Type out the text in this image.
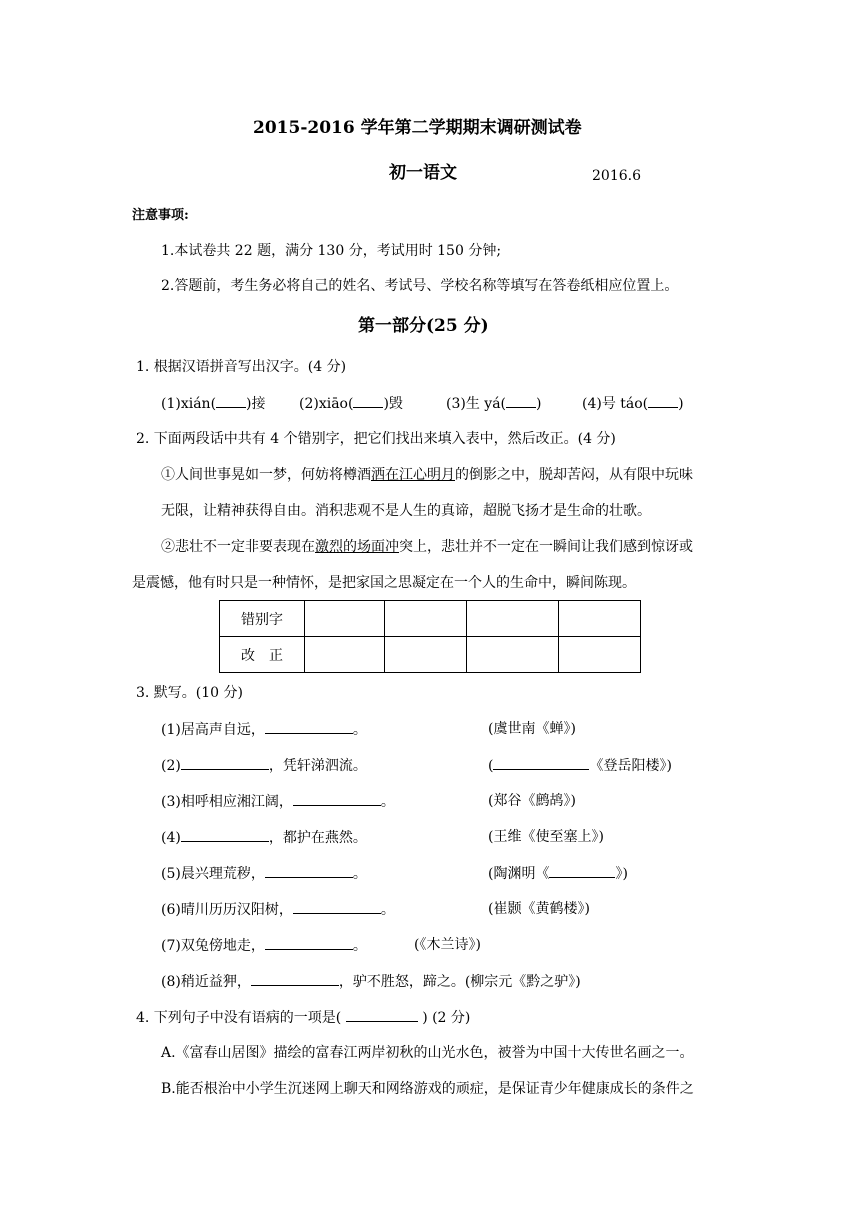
2015-2016 学年第二学期期末调研测试卷
初一语文	2016.6
注意事项:
1.本试卷共 22 题，满分 130 分，考试用时 150 分钟;
2.答题前，考生务必将自己的姓名、考试号、学校名称等填写在答卷纸相应位置上。
第一部分(25 分)
1. 根据汉语拼音写出汉字。(4 分)
(1)xián( )接 (2)xiāo( )毁	(3)生 yá( )	(4)号 táo( )
2. 下面两段话中共有 4 个错别字，把它们找出来填入表中，然后改正。(4 分)
①人间世事晃如一梦，何妨将樽酒洒在江心明月的倒影之中，脱却苦闷，从有限中玩味
无限，让精神获得自由。消积悲观不是人生的真谛，超脱飞扬才是生命的壮歌。
②悲壮不一定非要表现在激烈的场面冲突上，悲壮并不一定在一瞬间让我们感到惊讶或
是震憾，他有时只是一种情怀，是把家国之思凝定在一个人的生命中，瞬间陈现。
错别字				
改　正				
3. 默写。(10 分)
(1)居高声自远，	。	(虞世南《蝉》)
(2)	，凭轩涕泗流。	(	《登岳阳楼》)
(3)相呼相应湘江阔，	。	(郑谷《鹧鸪》)
(4)	，都护在燕然。	(王维《使至塞上》)
(5)晨兴理荒秽，	。	(陶渊明《	》)
(6)晴川历历汉阳树，	。	(崔颢《黄鹤楼》)
(7)双兔傍地走，	。	(《木兰诗》)
(8)稍近益狎，	，驴不胜怒，蹄之。(柳宗元《黔之驴》)
4. 下列句子中没有语病的一项是(	) (2 分)
A.《富春山居图》描绘的富春江两岸初秋的山光水色，被誉为中国十大传世名画之一。
B.能否根治中小学生沉迷网上聊天和网络游戏的顽症，是保证青少年健康成长的条件之
